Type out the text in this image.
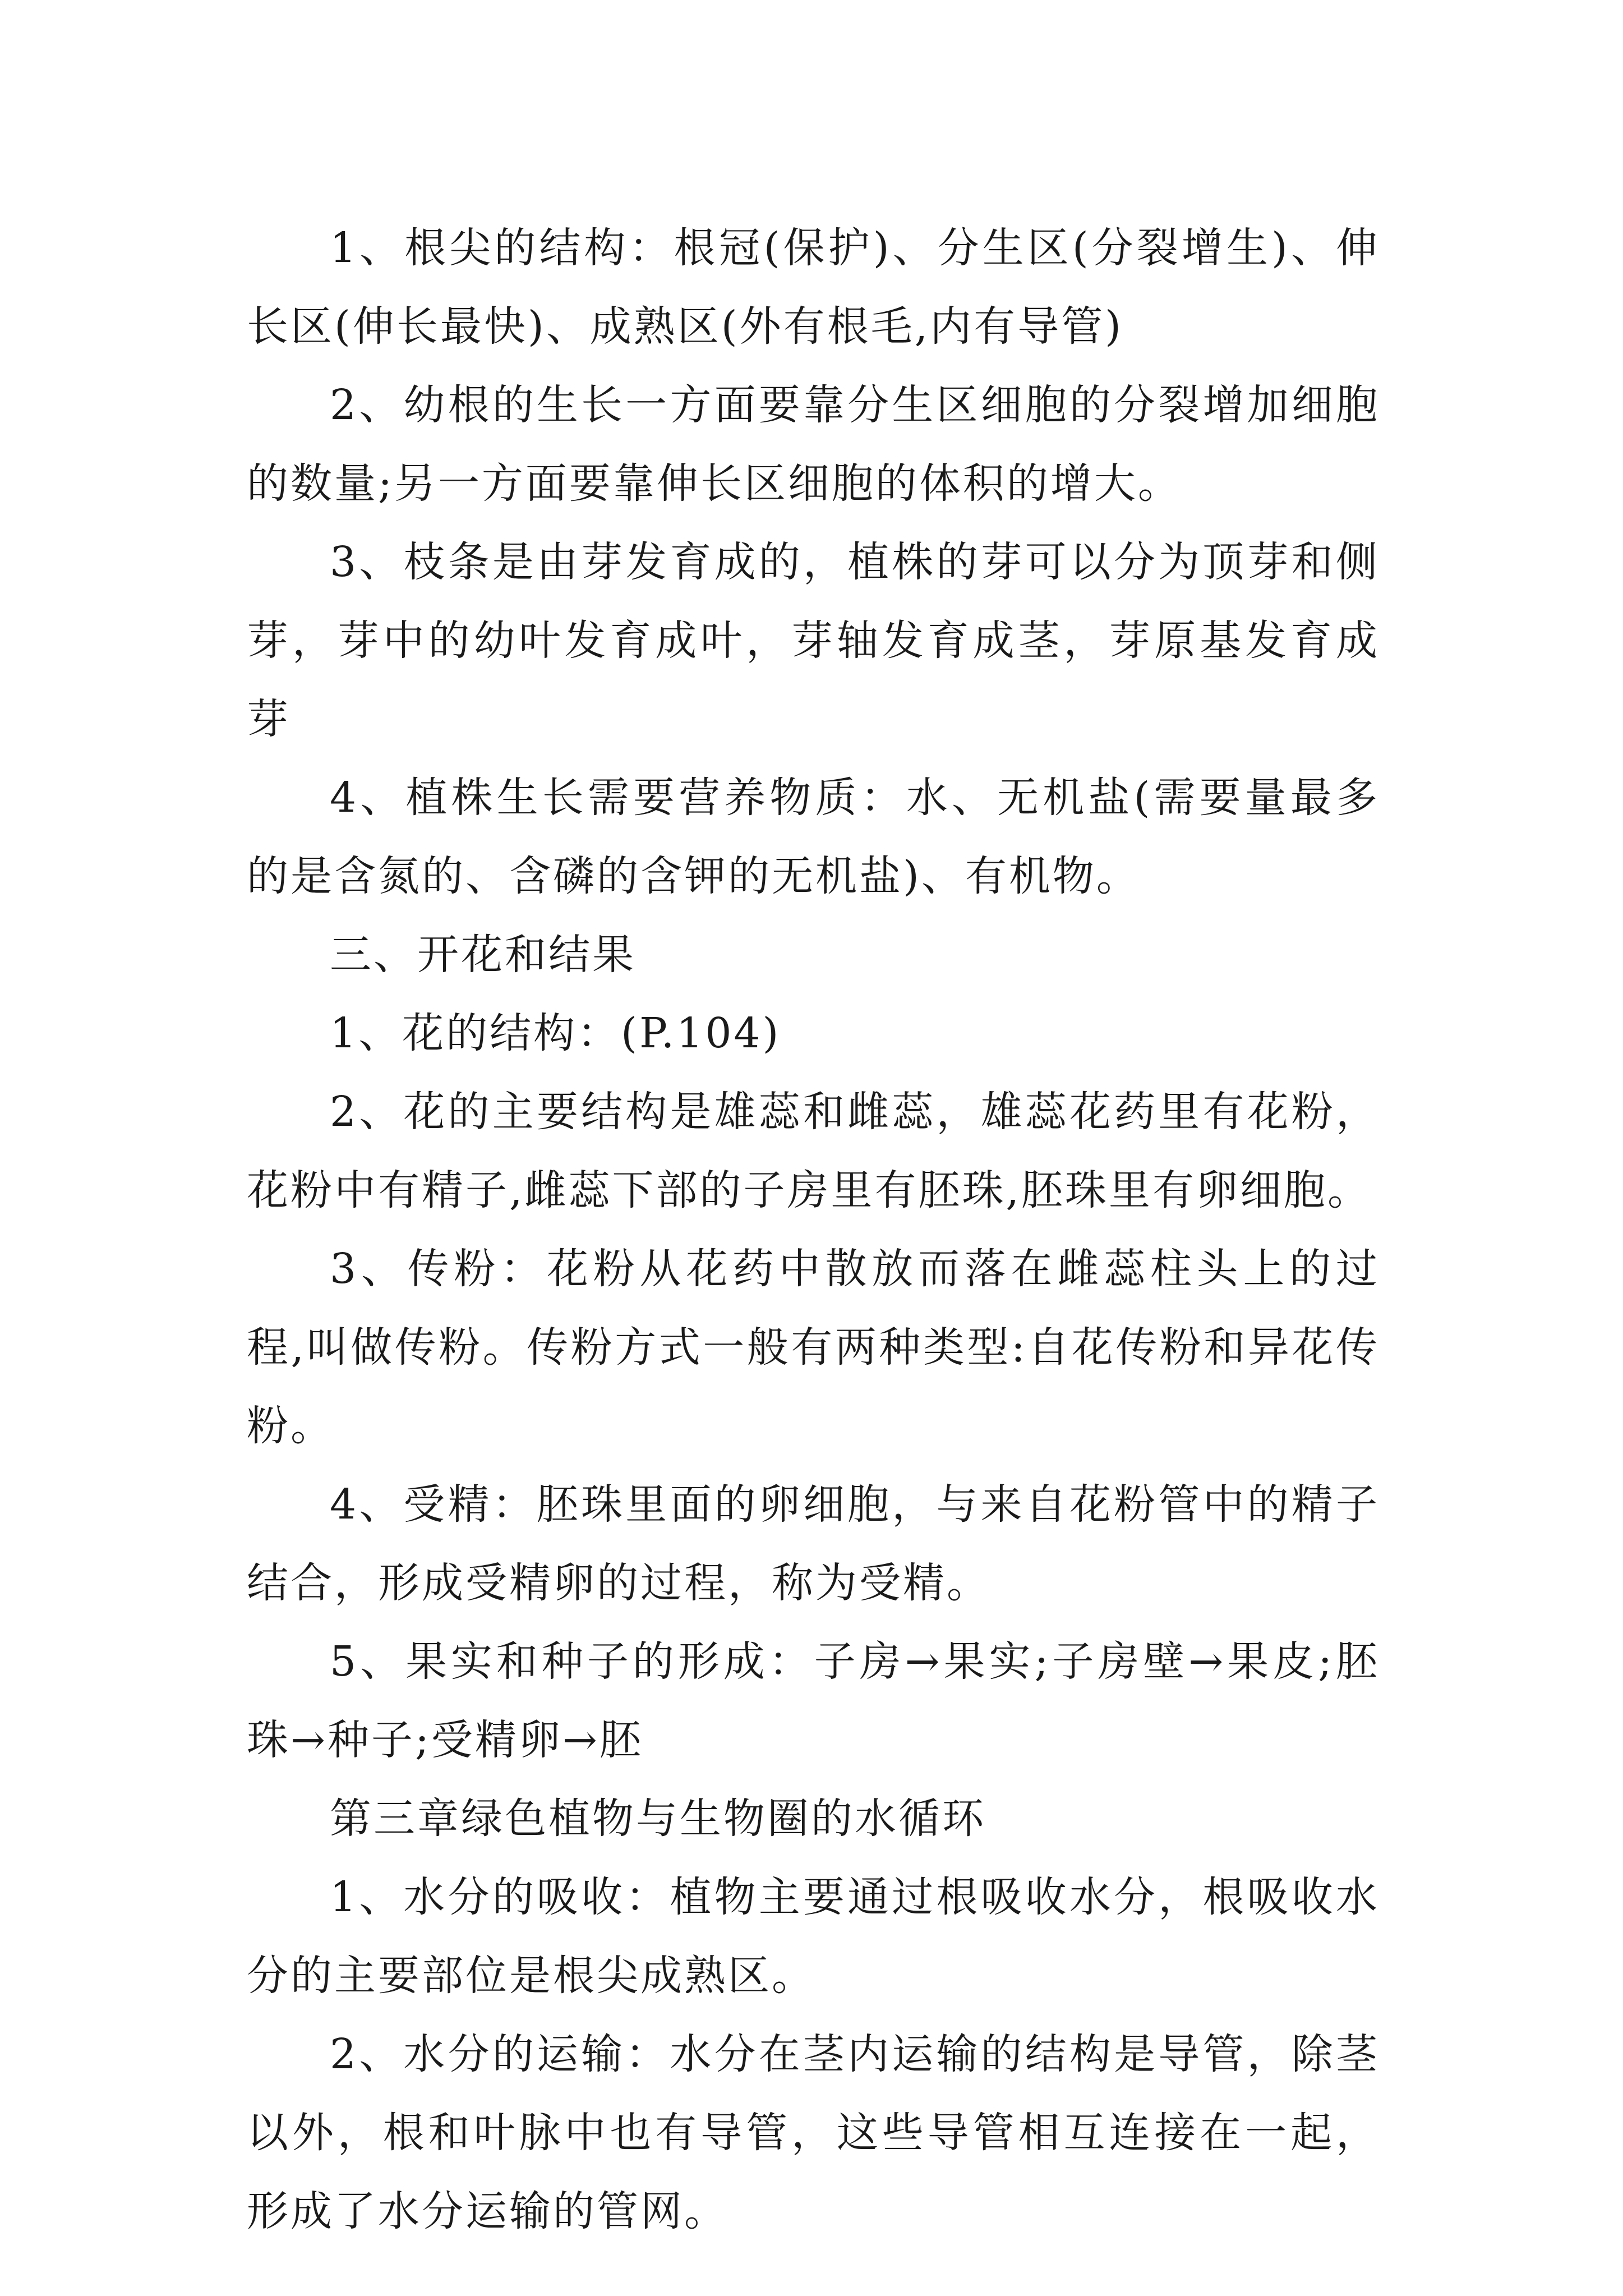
1、根尖的结构：根冠(保护)、分生区(分裂增生)、伸长区(伸长最快)、成熟区(外有根毛,内有导管)

2、幼根的生长一方面要靠分生区细胞的分裂增加细胞的数量;另一方面要靠伸长区细胞的体积的增大。

3、枝条是由芽发育成的，植株的芽可以分为顶芽和侧芽，芽中的幼叶发育成叶，芽轴发育成茎，芽原基发育成芽

4、植株生长需要营养物质：水、无机盐(需要量最多的是含氮的、含磷的含钾的无机盐)、有机物。

三、开花和结果

1、花的结构：(P.104)

2、花的主要结构是雄蕊和雌蕊，雄蕊花药里有花粉，花粉中有精子,雌蕊下部的子房里有胚珠,胚珠里有卵细胞。

3、传粉：花粉从花药中散放而落在雌蕊柱头上的过程,叫做传粉。传粉方式一般有两种类型:自花传粉和异花传粉。

4、受精：胚珠里面的卵细胞，与来自花粉管中的精子结合，形成受精卵的过程，称为受精。

5、果实和种子的形成：子房→果实;子房壁→果皮;胚珠→种子;受精卵→胚

第三章绿色植物与生物圈的水循环

1、水分的吸收：植物主要通过根吸收水分，根吸收水分的主要部位是根尖成熟区。

2、水分的运输：水分在茎内运输的结构是导管，除茎以外，根和叶脉中也有导管，这些导管相互连接在一起，形成了水分运输的管网。
